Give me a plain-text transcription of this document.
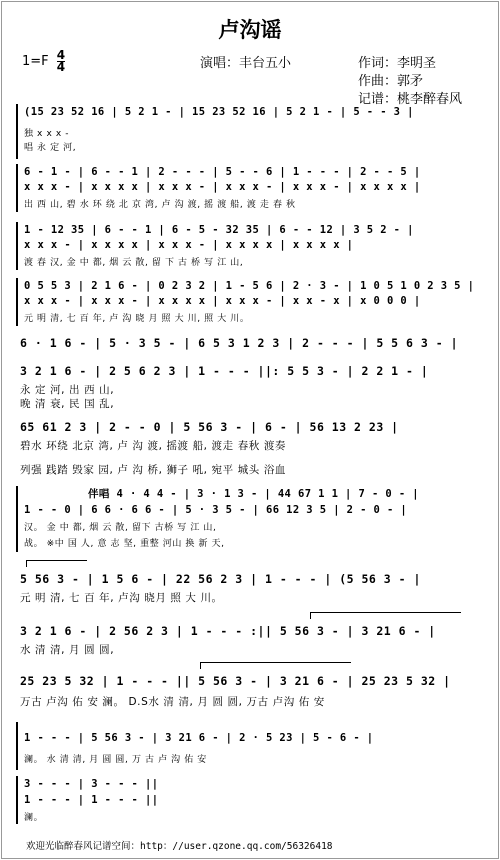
卢沟谣
$1=F \frac{4}{4}$	演唱：丰台五小	作词：李明圣
作曲：郭矛
记谱：桃李醉春风
(15 23 52 16 | 5 2 1 - | 15 23 52 16 | 5 2 1 - | 5 - - 3 |
独 x x x -
唱 永 定 河,
6 - 1 - | 6 - - 1 | 2 - - - | 5 - - 6 | 1 - - - | 2 - - 5 |
x x x - | x x x x | x x x - | x x x - | x x x - | x x x x |
出 西 山, 碧 水 环 绕 北 京 湾, 卢 沟 渡, 摇 渡 船, 渡 走 春 秋
1 - 12 35 | 6 - - 1 | 6 - 5 - 32 35 | 6 - - 12 | 3 5 2 - |
x x x - | x x x x | x x x - | x x x x | x x x x |
渡 春 汉, 金 中 都, 烟 云 散, 留 下 古 桥 写 江 山,
0 5 5 3 | 2 1 6 - | 0 2 3 2 | 1 - 5 6 | 2 · 3 - | 1 0 5 1 0 2 3 5 |
x x x - | x x x - | x x x x | x x x - | x x - x | x 0 0 0 |
元 明 清, 七 百 年, 卢 沟 晓 月 照 大 川, 照 大 川。
6 · 1 6 - | 5 · 3 5 - | 6 5 3 1 2 3 | 2 - - - | 5 5 6 3 - |
3 2 1 6 - | 2 5 6 2 3 | 1 - - - ||: 5 5 3 - | 2 2 1 - |
永 定 河, 出 西 山,
晚 清 衰, 民 国 乱,
65 61 2 3 | 2 - - 0 | 5 56 3 - | 6 - | 56 13 2 23 |
碧水 环绕 北京 湾, 卢 沟 渡, 摇渡 船, 渡走 春秋 渡奏
列强 践踏 毁家 园, 卢 沟 桥, 狮子 吼, 宛平 城头 浴血
伴唱 4 · 4 4 - | 3 · 1 3 - | 44 67 1 1 | 7 - 0 - |
1 - - 0 | 6 6 · 6 6 - | 5 · 3 5 - | 66 12 3 5 | 2 - 0 - |
汉。 金 中 都, 烟 云 散, 留下 古桥 写 江 山,
战。 ※中 国 人, 意 志 坚, 重整 河山 换 新 天,
5 56 3 - | 1 5 6 - | 22 56 2 3 | 1 - - - | (5 56 3 - |
元 明 清, 七 百 年, 卢沟 晓月 照 大 川。
3 2 1 6 - | 2 56 2 3 | 1 - - - :|| 5 56 3 - | 3 21 6 - |
水 清 清, 月 圆 圆,
25 23 5 32 | 1 - - - || 5 56 3 - | 3 21 6 - | 25 23 5 32 |
万古 卢沟 佑 安 澜。 D.S水 清 清, 月 圆 圆, 万古 卢沟 佑 安
1 - - - | 5 56 3 - | 3 21 6 - | 2 · 5 23 | 5 - 6 - |
澜。 水 清 清, 月 圆 圆, 万 古 卢 沟 佑 安
3 - - - | 3 - - - ||
1 - - - | 1 - - - ||
澜。
欢迎光临醉春风记谱空间：http：//user.qzone.qq.com/56326418
